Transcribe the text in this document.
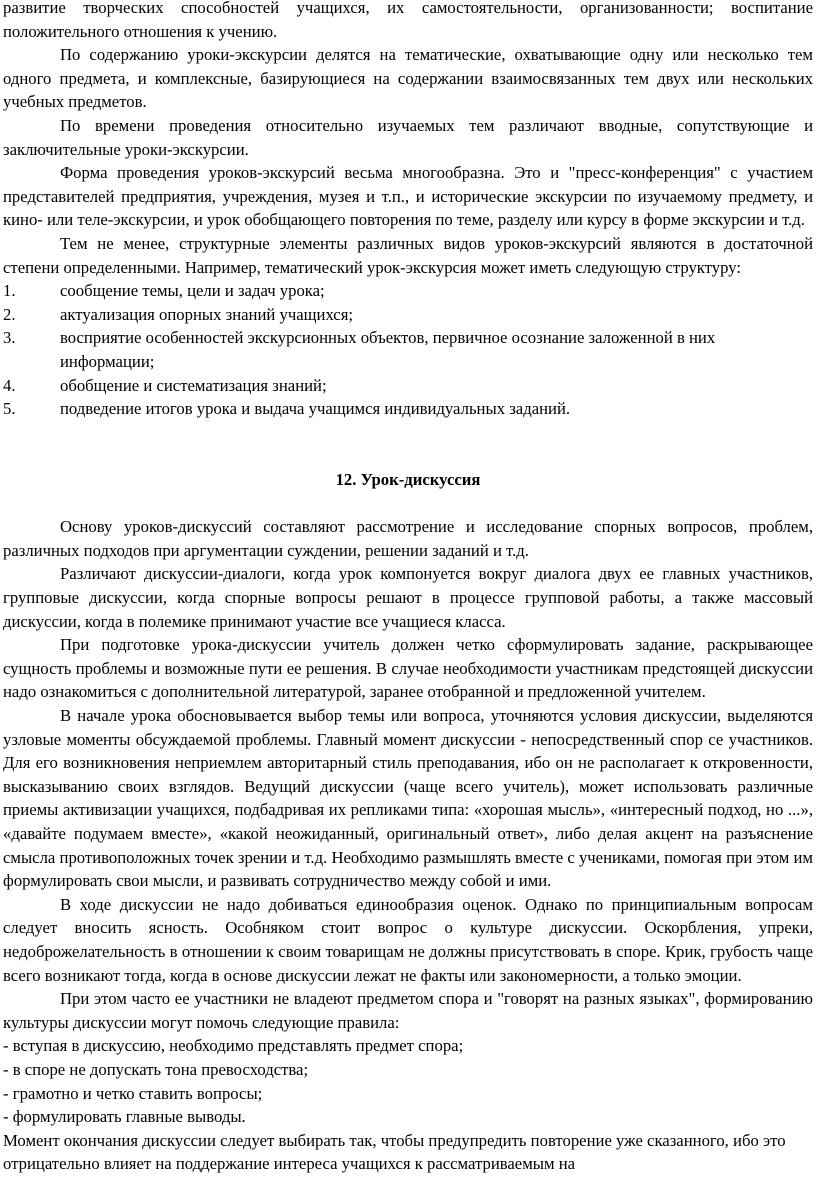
развитие творческих способностей учащихся, их самостоятельности, организованности; воспитание положительного отношения к учению.

По содержанию уроки-экскурсии делятся на тематические, охватывающие одну или несколько тем одного предмета, и комплексные, базирующиеся на содержании взаимосвязанных тем двух или нескольких учебных предметов.

По времени проведения относительно изучаемых тем различают вводные, сопутствующие и заключительные уроки-экскурсии.

Форма проведения уроков-экскурсий весьма многообразна. Это и "пресс-конференция" с участием представителей предприятия, учреждения, музея и т.п., и исторические экскурсии по изучаемому предмету, и кино- или теле-экскурсии, и урок обобщающего повторения по теме, разделу или курсу в форме экскурсии и т.д.

Тем не менее, структурные элементы различных видов уроков-экскурсий являются в достаточной степени определенными. Например, тематический урок-экскурсия может иметь следующую структуру:

1.	сообщение темы, цели и задач урока;

2.	актуализация опорных знаний учащихся;

3.	восприятие особенностей экскурсионных объектов, первичное осознание заложенной в них информации;

4.	обобщение и систематизация знаний;

5.	подведение итогов урока и выдача учащимся индивидуальных заданий.

12. Урок-дискуссия

Основу уроков-дискуссий составляют рассмотрение и исследование спорных вопросов, проблем, различных подходов при аргументации суждении, решении заданий и т.д.

Различают дискуссии-диалоги, когда урок компонуется вокруг диалога двух ее главных участников, групповые дискуссии, когда спорные вопросы решают в процессе групповой работы, а также массовый дискуссии, когда в полемике принимают участие все учащиеся класса.

При подготовке урока-дискуссии учитель должен четко сформулировать задание, раскрывающее сущность проблемы и возможные пути ее решения. В случае необходимости участникам предстоящей дискуссии надо ознакомиться с дополнительной литературой, заранее отобранной и предложенной учителем.

В начале урока обосновывается выбор темы или вопроса, уточняются условия дискуссии, выделяются узловые моменты обсуждаемой проблемы. Главный момент дискуссии - непосредственный спор се участников. Для его возникновения неприемлем авторитарный стиль преподавания, ибо он не располагает к откровенности, высказыванию своих взглядов. Ведущий дискуссии (чаще всего учитель), может использовать различные приемы активизации учащихся, подбадривая их репликами типа: «хорошая мысль», «интересный подход, но ...», «давайте подумаем вместе», «какой неожиданный, оригинальный ответ», либо делая акцент на разъяснение смысла противоположных точек зрении и т.д. Необходимо размышлять вместе с учениками, помогая при этом им формулировать свои мысли, и развивать сотрудничество между собой и ими.

В ходе дискуссии не надо добиваться единообразия оценок. Однако по принципиальным вопросам следует вносить ясность. Особняком стоит вопрос о культуре дискуссии. Оскорбления, упреки, недоброжелательность в отношении к своим товарищам не должны присутствовать в споре. Крик, грубость чаще всего возникают тогда, когда в основе дискуссии лежат не факты или закономерности, а только эмоции.

При этом часто ее участники не владеют предметом спора и "говорят на разных языках", формированию культуры дискуссии могут помочь следующие правила:

- вступая в дискуссию, необходимо представлять предмет спора;

- в споре не допускать тона превосходства;

- грамотно и четко ставить вопросы;

- формулировать главные выводы.

Момент окончания дискуссии следует выбирать так, чтобы предупредить повторение уже сказанного, ибо это отрицательно влияет на поддержание интереса учащихся к рассматриваемым на
